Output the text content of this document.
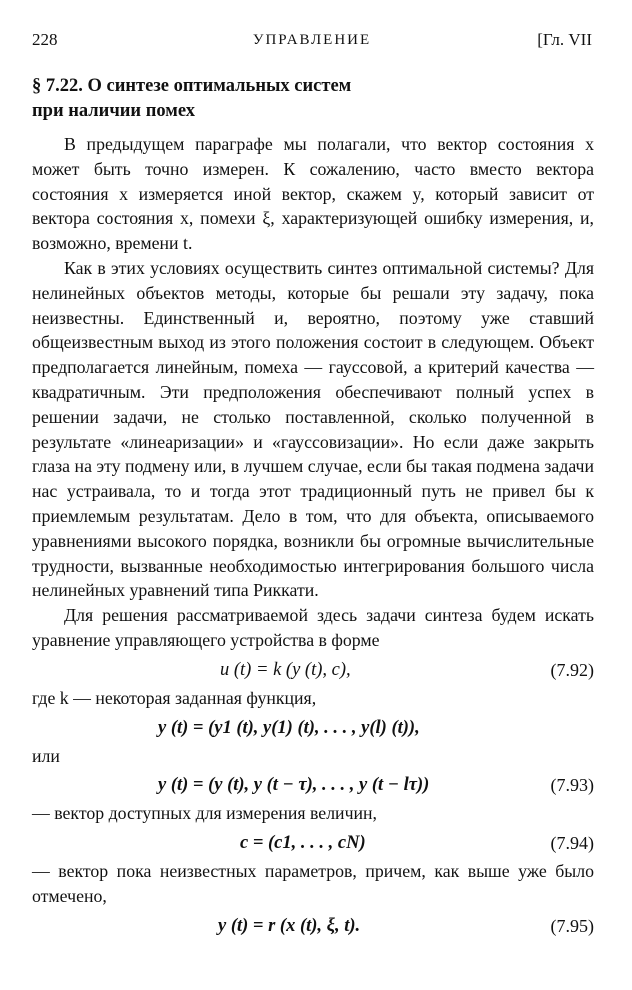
228	УПРАВЛЕНИЕ	[Гл. VII
§ 7.22. О синтезе оптимальных систем
при наличии помех

В предыдущем параграфе мы полагали, что вектор состояния x может быть точно измерен. К сожалению, часто вместо вектора состояния x измеряется иной вектор, скажем y, который зависит от вектора состояния x, помехи ξ, характеризующей ошибку измерения, и, возможно, времени t.

Как в этих условиях осуществить синтез оптимальной системы? Для нелинейных объектов методы, которые бы решали эту задачу, пока неизвестны. Единственный и, вероятно, поэтому уже ставший общеизвестным выход из этого положения состоит в следующем. Объект предполагается линейным, помеха — гауссовой, а критерий качества — квадратичным. Эти предположения обеспечивают полный успех в решении задачи, не столько поставленной, сколько полученной в результате «линеаризации» и «гауссовизации». Но если даже закрыть глаза на эту подмену или, в лучшем случае, если бы такая подмена задачи нас устраивала, то и тогда этот традиционный путь не привел бы к приемлемым результатам. Дело в том, что для объекта, описываемого уравнениями высокого порядка, возникли бы огромные вычислительные трудности, вызванные необходимостью интегрирования большого числа нелинейных уравнений типа Риккати.

Для решения рассматриваемой здесь задачи синтеза будем искать уравнение управляющего устройства в форме

u (t) = k (y (t), c),	(7.92)

где k — некоторая заданная функция,

y (t) = (y1 (t), y(1) (t), . . . , y(l) (t)),

или

y (t) = (y (t), y (t − τ), . . . , y (t − lτ))	(7.93)

— вектор доступных для измерения величин,

c = (c1, . . . , cN)	(7.94)

— вектор пока неизвестных параметров, причем, как выше уже было отмечено,

y (t) = r (x (t), ξ, t).	(7.95)
